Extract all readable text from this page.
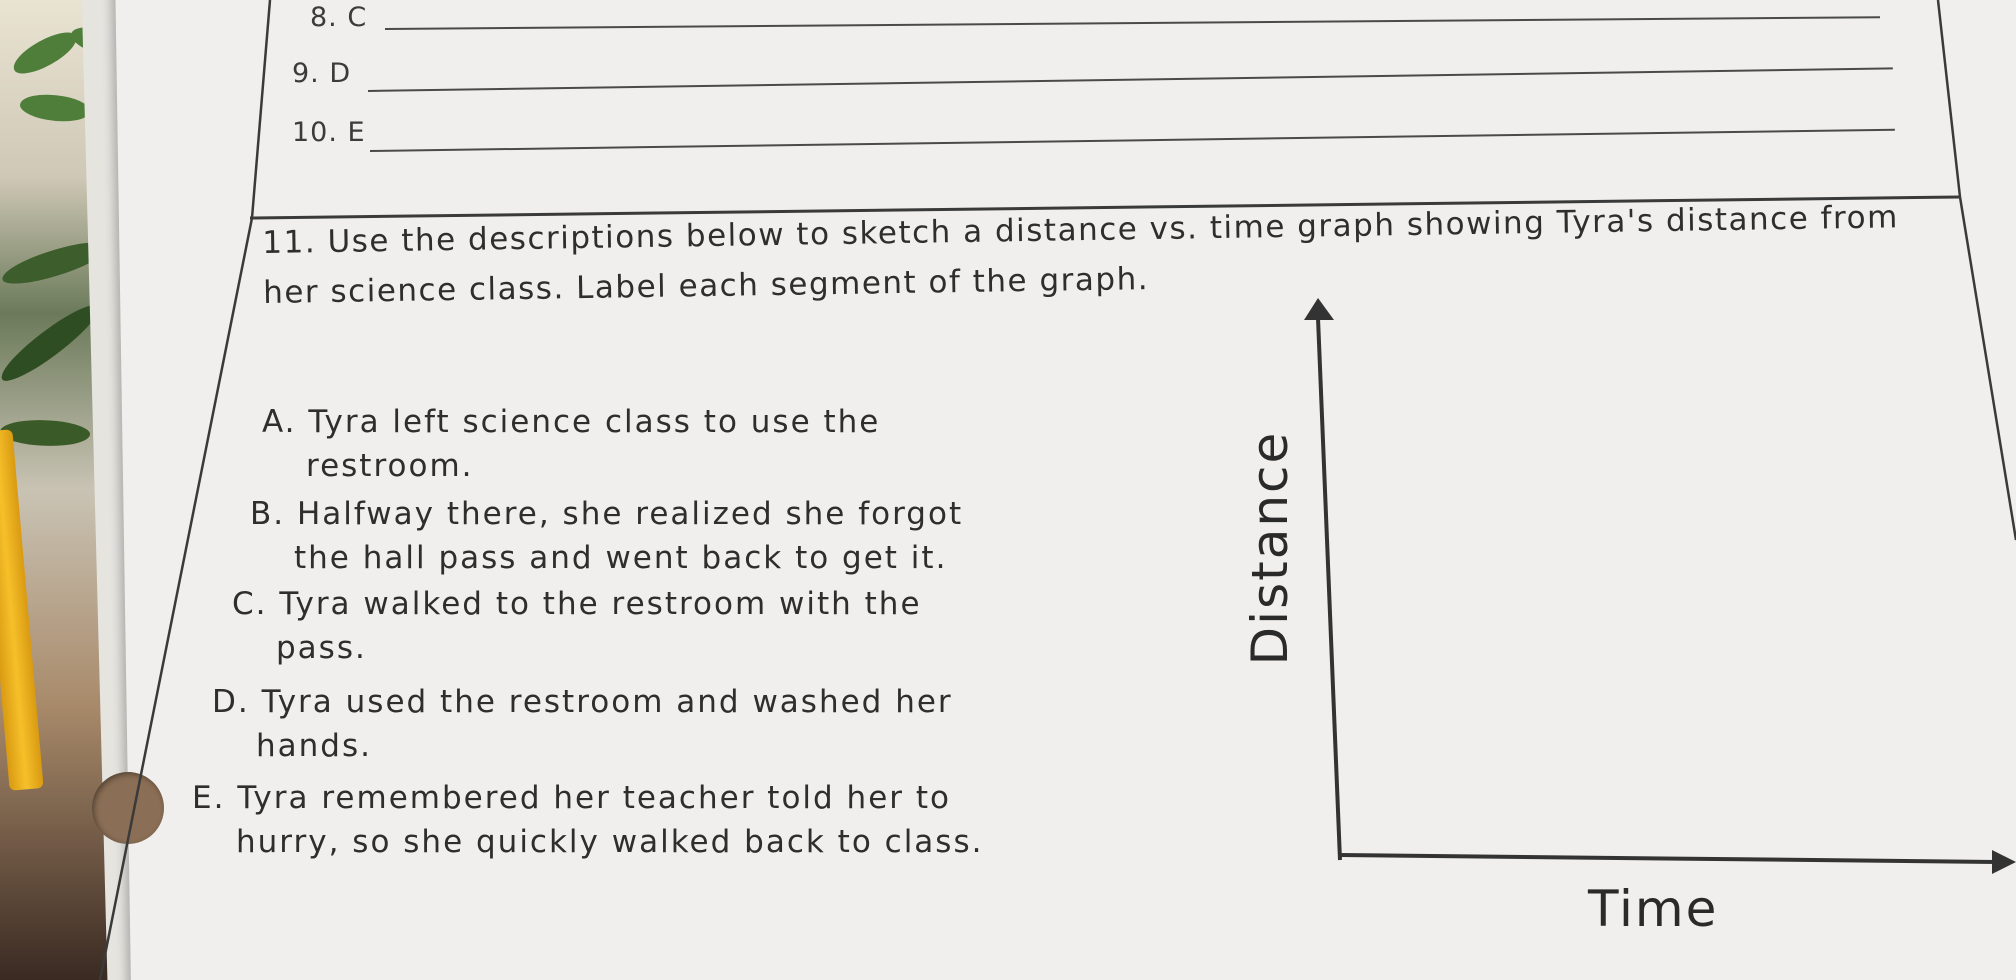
8. C
9. D
10. E
11. Use the descriptions below to sketch a distance vs. time graph showing Tyra's distance from her science class. Label each segment of the graph.
A. Tyra left science class to use the
restroom.
B. Halfway there, she realized she forgot
the hall pass and went back to get it.
C. Tyra walked to the restroom with the
pass.
D. Tyra used the restroom and washed her
hands.
E. Tyra remembered her teacher told her to
hurry, so she quickly walked back to class.
Distance
Time
